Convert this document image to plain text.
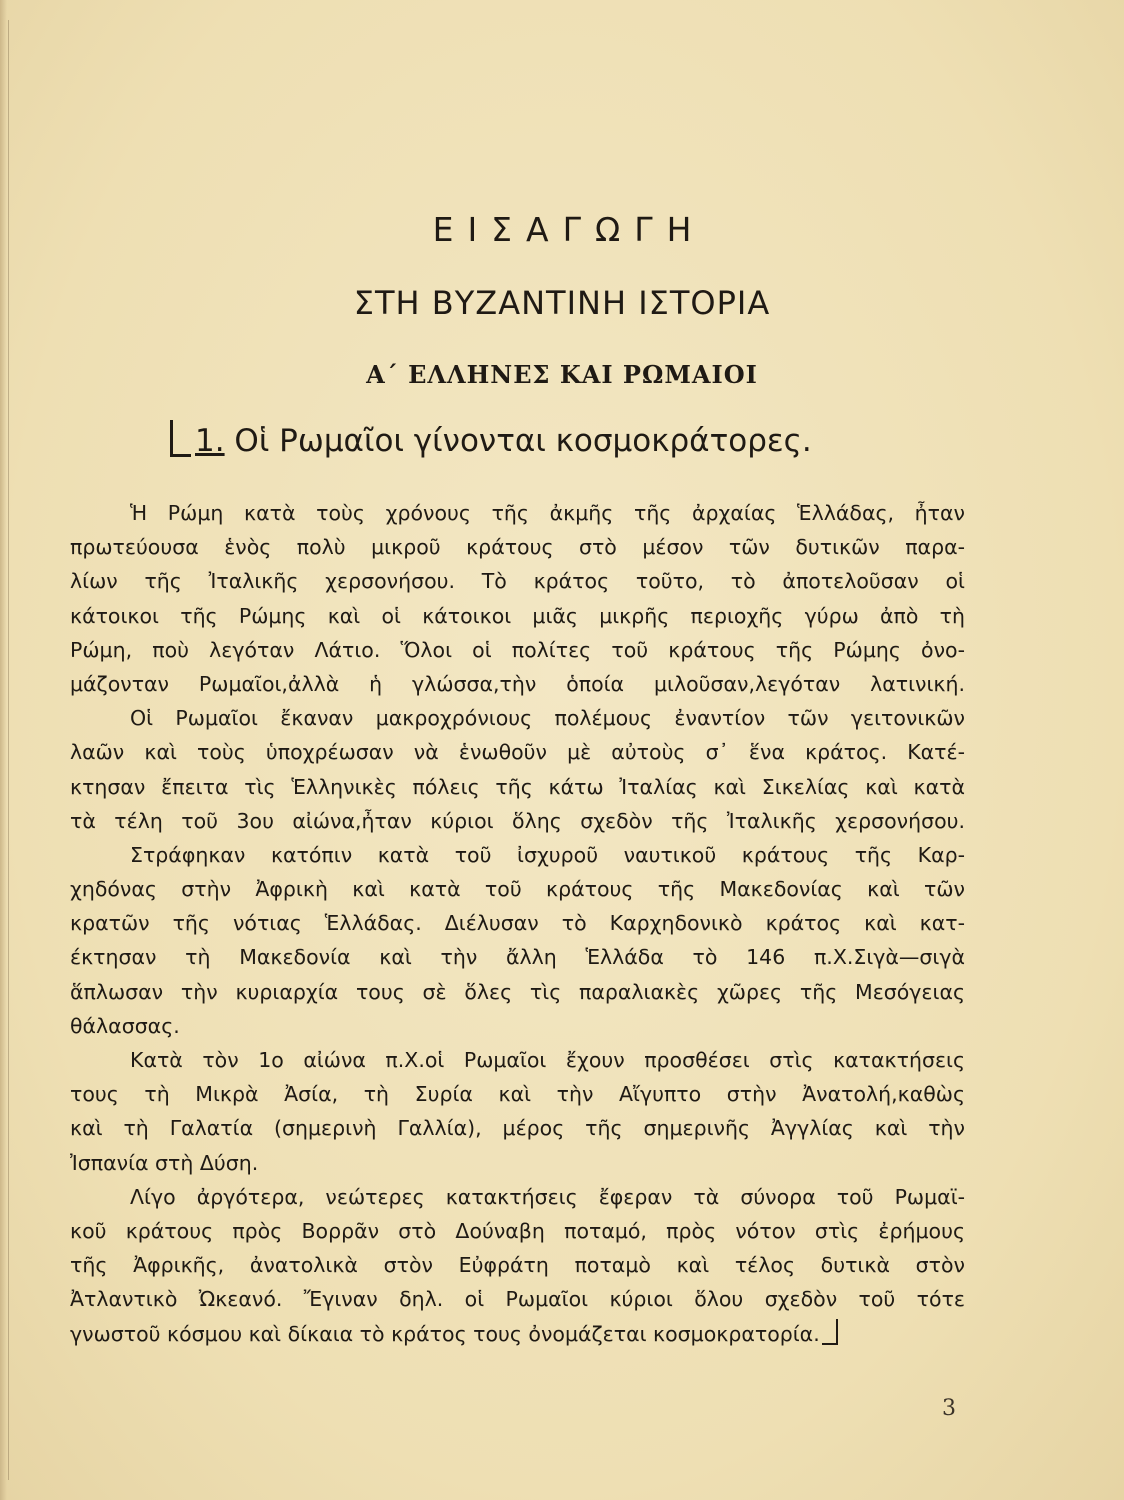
ΕΙΣΑΓΩΓΗ
ΣΤΗ ΒΥΖΑΝΤΙΝΗ ΙΣΤΟΡΙΑ
Α΄ ΕΛΛΗΝΕΣ ΚΑΙ ΡΩΜΑΙΟΙ
1. Οἱ Ρωμαῖοι γίνονται κοσμοκράτορες.
Ἡ Ρώμη κατὰ τοὺς χρόνους τῆς ἀκμῆς τῆς ἀρχαίας Ἑλλάδας, ἦταν
πρωτεύουσα ἑνὸς πολὺ μικροῦ κράτους στὸ μέσον τῶν δυτικῶν παρα-
λίων τῆς Ἰταλικῆς χερσονήσου. Τὸ κράτος τοῦτο, τὸ ἀποτελοῦσαν οἱ
κάτοικοι τῆς Ρώμης καὶ οἱ κάτοικοι μιᾶς μικρῆς περιοχῆς γύρω ἀπὸ τὴ
Ρώμη, ποὺ λεγόταν Λάτιο. Ὅλοι οἱ πολίτες τοῦ κράτους τῆς Ρώμης ὀνο-
μάζονταν Ρωμαῖοι,ἀλλὰ ἡ γλώσσα,τὴν ὁποία μιλοῦσαν,λεγόταν λατινική.
Οἱ Ρωμαῖοι ἔκαναν μακροχρόνιους πολέμους ἐναντίον τῶν γειτονικῶν
λαῶν καὶ τοὺς ὑποχρέωσαν νὰ ἑνωθοῦν μὲ αὐτοὺς σ᾽ ἕνα κράτος. Κατέ-
κτησαν ἔπειτα τὶς Ἑλληνικὲς πόλεις τῆς κάτω Ἰταλίας καὶ Σικελίας καὶ κατὰ
τὰ τέλη τοῦ 3ου αἰώνα,ἦταν κύριοι ὅλης σχεδὸν τῆς Ἰταλικῆς χερσονήσου.
Στράφηκαν κατόπιν κατὰ τοῦ ἰσχυροῦ ναυτικοῦ κράτους τῆς Καρ-
χηδόνας στὴν Ἀφρικὴ καὶ κατὰ τοῦ κράτους τῆς Μακεδονίας καὶ τῶν
κρατῶν τῆς νότιας Ἑλλάδας. Διέλυσαν τὸ Καρχηδονικὸ κράτος καὶ κατ-
έκτησαν τὴ Μακεδονία καὶ τὴν ἄλλη Ἑλλάδα τὸ 146 π.Χ.Σιγὰ—σιγὰ
ἅπλωσαν τὴν κυριαρχία τους σὲ ὅλες τὶς παραλιακὲς χῶρες τῆς Μεσόγειας
θάλασσας.
Κατὰ τὸν 1ο αἰώνα π.Χ.οἱ Ρωμαῖοι ἔχουν προσθέσει στὶς κατακτήσεις
τους τὴ Μικρὰ Ἀσία, τὴ Συρία καὶ τὴν Αἴγυπτο στὴν Ἀνατολή,καθὼς
καὶ τὴ Γαλατία (σημερινὴ Γαλλία), μέρος τῆς σημερινῆς Ἀγγλίας καὶ τὴν
Ἰσπανία στὴ Δύση.
Λίγο ἀργότερα, νεώτερες κατακτήσεις ἔφεραν τὰ σύνορα τοῦ Ρωμαϊ-
κοῦ κράτους πρὸς Βορρᾶν στὸ Δούναβη ποταμό, πρὸς νότον στὶς ἐρήμους
τῆς Ἀφρικῆς, ἀνατολικὰ στὸν Εὐφράτη ποταμὸ καὶ τέλος δυτικὰ στὸν
Ἀτλαντικὸ Ὠκεανό. Ἔγιναν δηλ. οἱ Ρωμαῖοι κύριοι ὅλου σχεδὸν τοῦ τότε
γνωστοῦ κόσμου καὶ δίκαια τὸ κράτος τους ὀνομάζεται κοσμοκρατορία.
3
